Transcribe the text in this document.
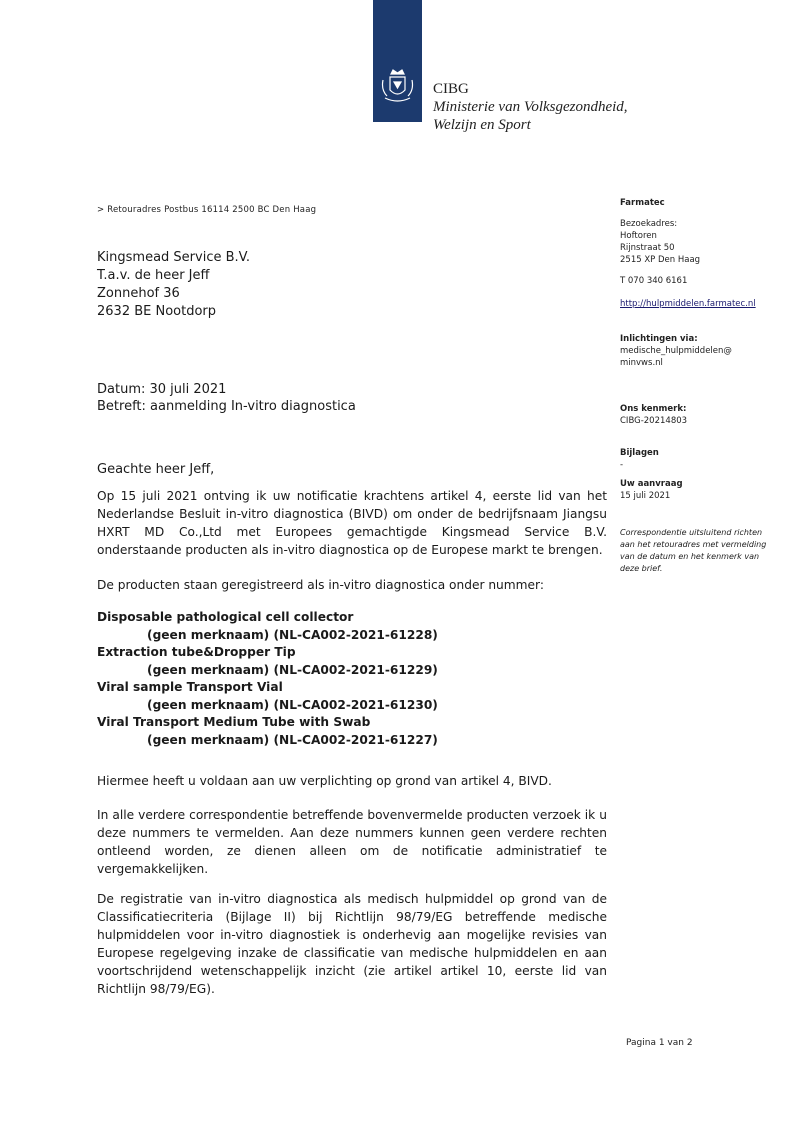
CIBG
Ministerie van Volksgezondheid,
Welzijn en Sport
> Retouradres Postbus 16114 2500 BC Den Haag
Kingsmead Service B.V.
T.a.v. de heer Jeff
Zonnehof 36
2632 BE Nootdorp
Datum: 30 juli 2021
Betreft: aanmelding In-vitro diagnostica
Geachte heer Jeff,
Op 15 juli 2021 ontving ik uw notificatie krachtens artikel 4, eerste lid van het Nederlandse Besluit in-vitro diagnostica (BIVD) om onder de bedrijfsnaam Jiangsu HXRT MD Co.,Ltd met Europees gemachtigde Kingsmead Service B.V. onderstaande producten als in-vitro diagnostica op de Europese markt te brengen.
De producten staan geregistreerd als in-vitro diagnostica onder nummer:
Disposable pathological cell collector
(geen merknaam) (NL-CA002-2021-61228)
Extraction tube&Dropper Tip
(geen merknaam) (NL-CA002-2021-61229)
Viral sample Transport Vial
(geen merknaam) (NL-CA002-2021-61230)
Viral Transport Medium Tube with Swab
(geen merknaam) (NL-CA002-2021-61227)
Hiermee heeft u voldaan aan uw verplichting op grond van artikel 4, BIVD.
In alle verdere correspondentie betreffende bovenvermelde producten verzoek ik u deze nummers te vermelden. Aan deze nummers kunnen geen verdere rechten ontleend worden, ze dienen alleen om de notificatie administratief te vergemakkelijken.
De registratie van in-vitro diagnostica als medisch hulpmiddel op grond van de Classificatiecriteria (Bijlage II) bij Richtlijn 98/79/EG betreffende medische hulpmiddelen voor in-vitro diagnostiek is onderhevig aan mogelijke revisies van Europese regelgeving inzake de classificatie van medische hulpmiddelen en aan voortschrijdend wetenschappelijk inzicht (zie artikel artikel 10, eerste lid van Richtlijn 98/79/EG).
Farmatec
Bezoekadres:
Hoftoren
Rijnstraat 50
2515 XP Den Haag
T 070 340 6161
http://hulpmiddelen.farmatec.nl
Inlichtingen via:
medische_hulpmiddelen@
minvws.nl
Ons kenmerk:
CIBG-20214803
Bijlagen
-
Uw aanvraag
15 juli 2021
Correspondentie uitsluitend richten aan het retouradres met vermelding van de datum en het kenmerk van deze brief.
Pagina 1 van 2
